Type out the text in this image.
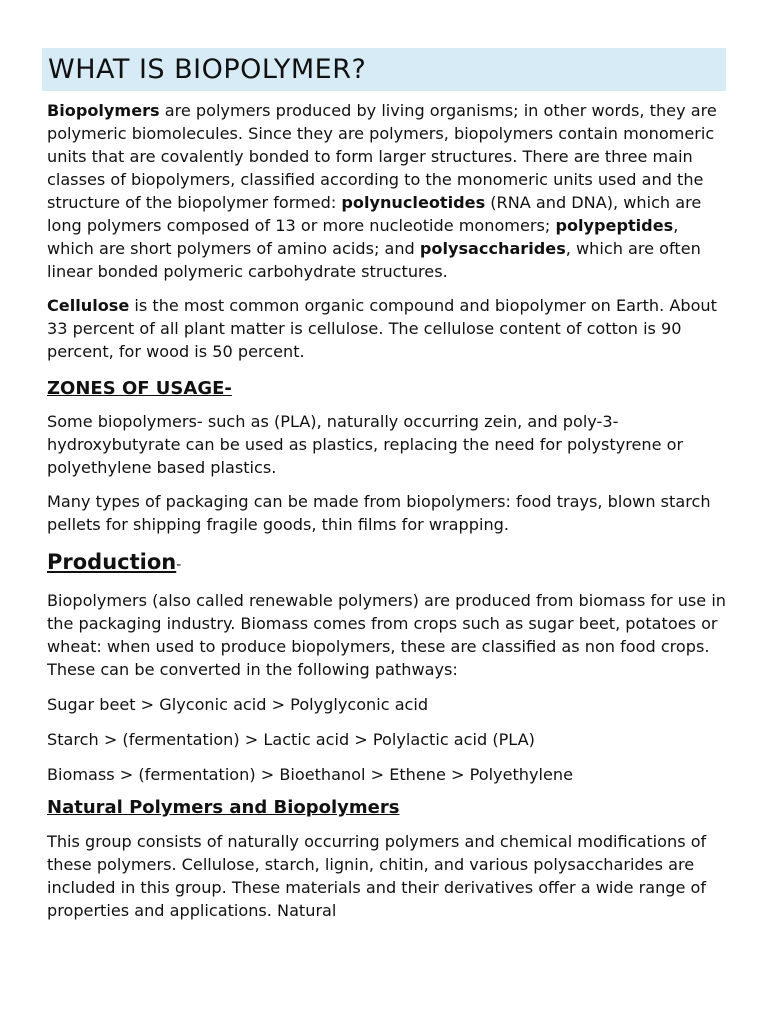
WHAT IS BIOPOLYMER?

Biopolymers are polymers produced by living organisms; in other words, they are polymeric biomolecules. Since they are polymers, biopolymers contain monomeric units that are covalently bonded to form larger structures. There are three main classes of biopolymers, classified according to the monomeric units used and the structure of the biopolymer formed: polynucleotides (RNA and DNA), which are long polymers composed of 13 or more nucleotide monomers; polypeptides, which are short polymers of amino acids; and polysaccharides, which are often linear bonded polymeric carbohydrate structures.

Cellulose is the most common organic compound and biopolymer on Earth. About 33 percent of all plant matter is cellulose. The cellulose content of cotton is 90 percent, for wood is 50 percent.

ZONES OF USAGE-

Some biopolymers- such as (PLA), naturally occurring zein, and poly-3-hydroxybutyrate can be used as plastics, replacing the need for polystyrene or polyethylene based plastics.

Many types of packaging can be made from biopolymers: food trays, blown starch pellets for shipping fragile goods, thin films for wrapping.

Production-

Biopolymers (also called renewable polymers) are produced from biomass for use in the packaging industry. Biomass comes from crops such as sugar beet, potatoes or wheat: when used to produce biopolymers, these are classified as non food crops. These can be converted in the following pathways:

Sugar beet > Glyconic acid > Polyglyconic acid

Starch > (fermentation) > Lactic acid > Polylactic acid (PLA)

Biomass > (fermentation) > Bioethanol > Ethene > Polyethylene

Natural Polymers and Biopolymers

This group consists of naturally occurring polymers and chemical modifications of these polymers. Cellulose, starch, lignin, chitin, and various polysaccharides are included in this group. These materials and their derivatives offer a wide range of properties and applications. Natural
